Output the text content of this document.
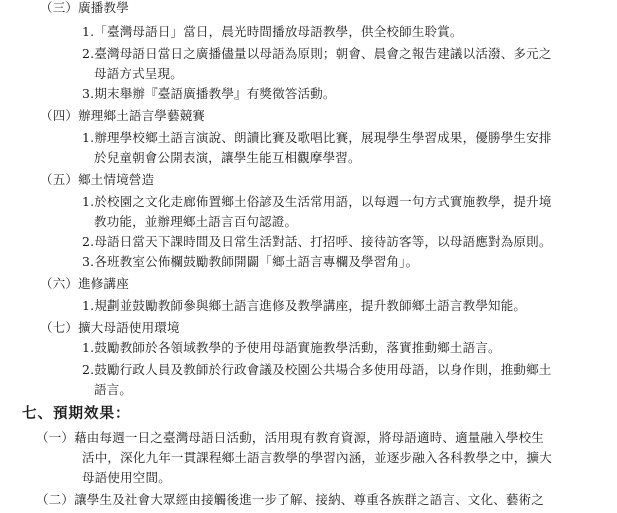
（三）廣播教學
1.「臺灣母語日」當日，晨光時間播放母語教學，供全校師生聆賞。
2.臺灣母語日當日之廣播儘量以母語為原則；朝會、晨會之報告建議以活潑、多元之
母語方式呈現。
3.期末舉辦『臺語廣播教學』有獎徵答活動。
（四）辦理鄉土語言學藝競賽
1.辦理學校鄉土語言演說、朗讀比賽及歌唱比賽，展現學生學習成果，優勝學生安排
於兒童朝會公開表演，讓學生能互相觀摩學習。
（五）鄉土情境營造
1.於校園之文化走廊佈置鄉土俗諺及生活常用語，以每週一句方式實施教學，提升境
教功能，並辦理鄉土語言百句認證。
2.母語日當天下課時間及日常生活對話、打招呼、接待訪客等，以母語應對為原則。
3.各班教室公佈欄鼓勵教師開闢「鄉土語言專欄及學習角」。
（六）進修講座
1.規劃並鼓勵教師參與鄉土語言進修及教學講座，提升教師鄉土語言教學知能。
（七）擴大母語使用環境
1.鼓勵教師於各領域教學的予使用母語實施教學活動，落實推動鄉土語言。
2.鼓勵行政人員及教師於行政會議及校園公共場合多使用母語，以身作則，推動鄉土
語言。
七、預期效果：
（一）藉由每週一日之臺灣母語日活動，活用現有教育資源，將母語適時、適量融入學校生
活中，深化九年一貫課程鄉土語言教學的學習內涵，並逐步融入各科教學之中，擴大
母語使用空間。
（二）讓學生及社會大眾經由接觸後進一步了解、接納、尊重各族群之語言、文化、藝術之
